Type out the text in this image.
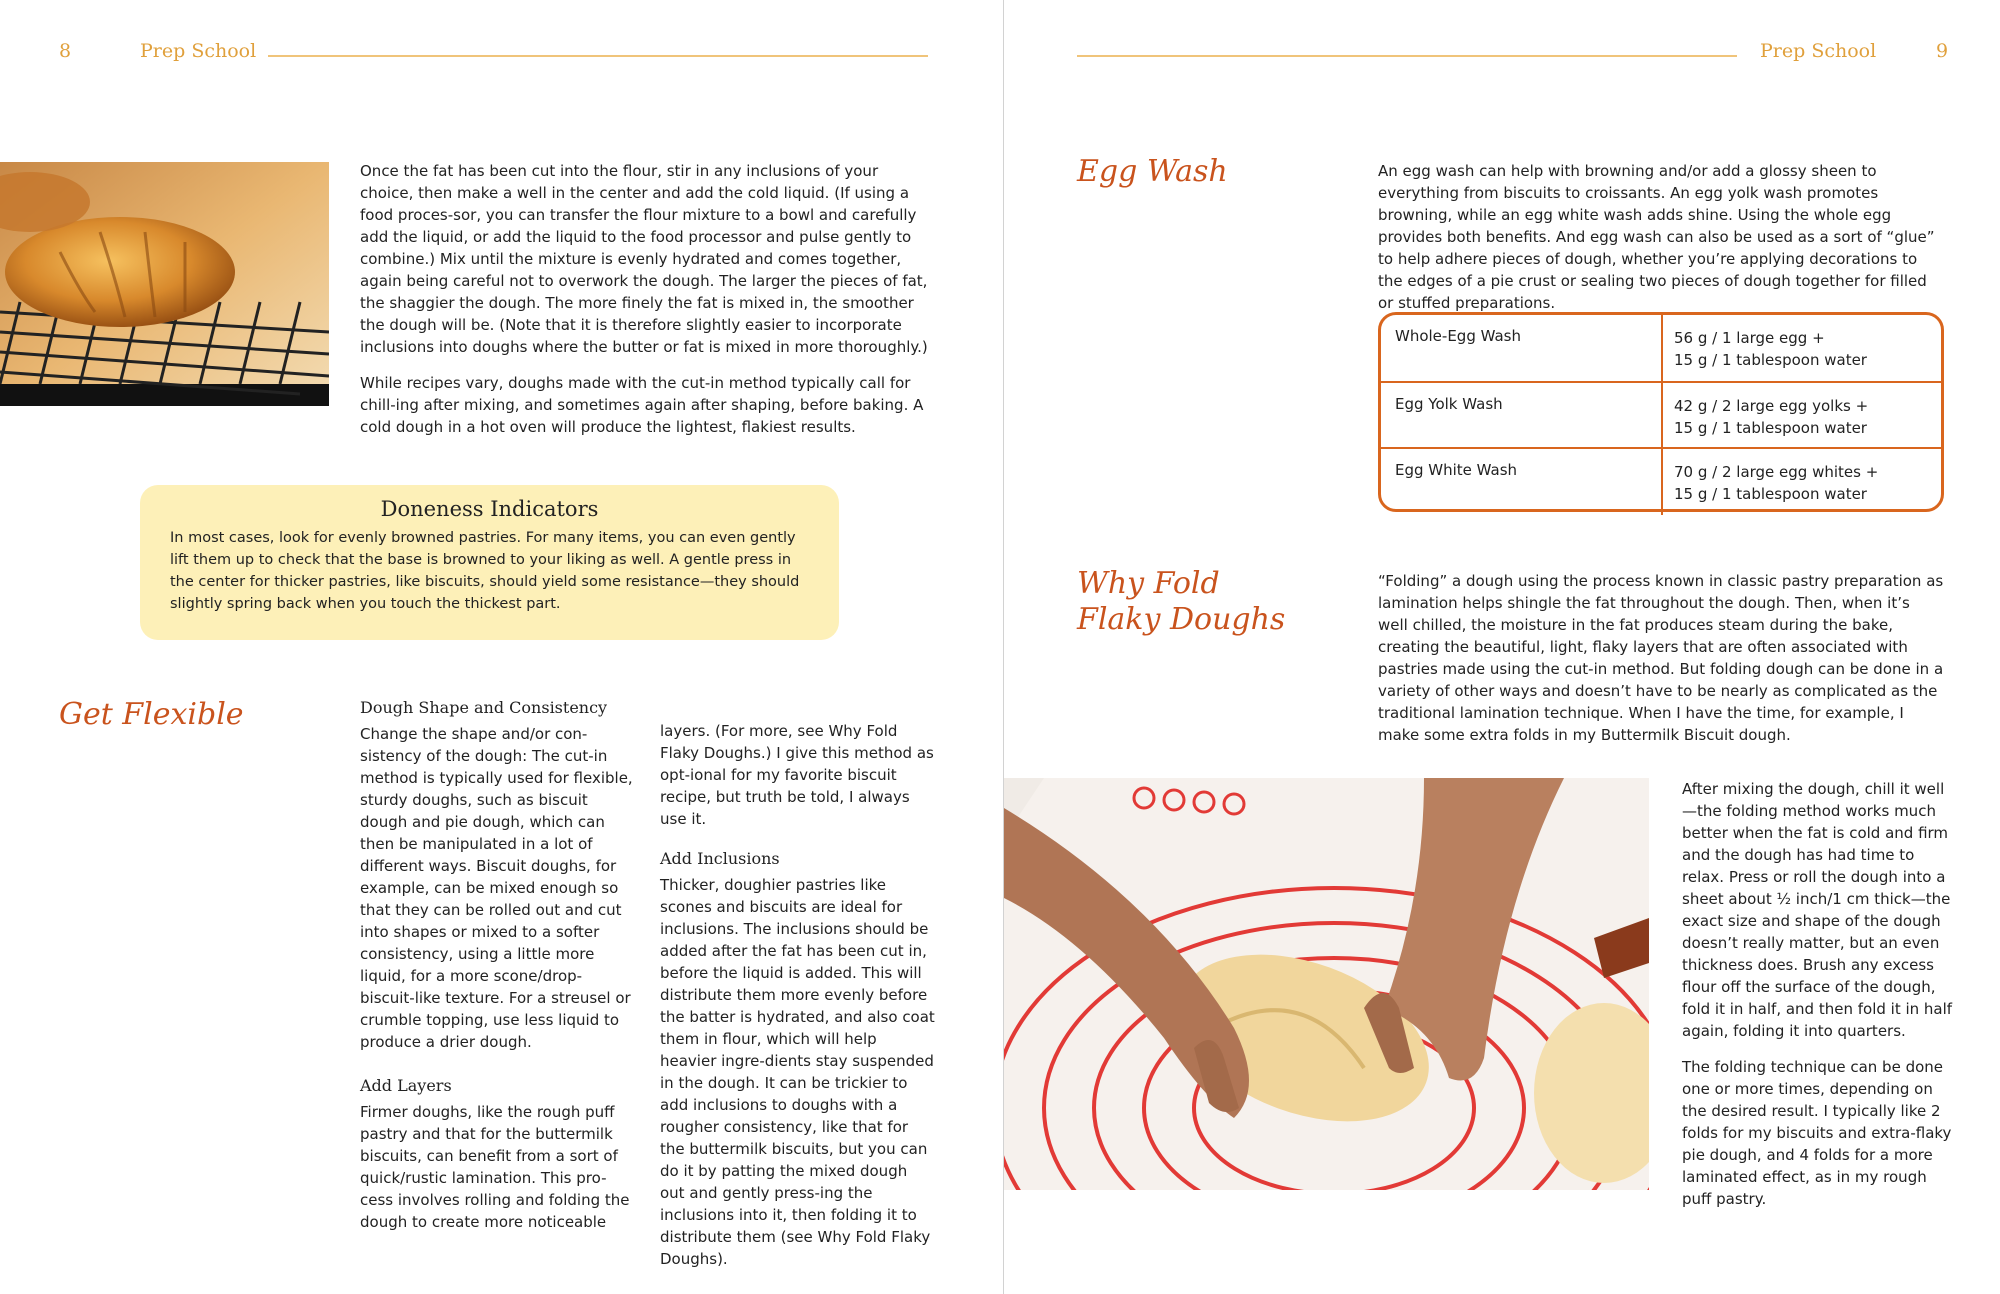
8	Prep School

Once the fat has been cut into the flour, stir in any inclusions of your choice, then make a well in the center and add the cold liquid. (If using a food proces-sor, you can transfer the flour mixture to a bowl and carefully add the liquid, or add the liquid to the food processor and pulse gently to combine.) Mix until the mixture is evenly hydrated and comes together, again being careful not to overwork the dough. The larger the pieces of fat, the shaggier the dough. The more finely the fat is mixed in, the smoother the dough will be. (Note that it is therefore slightly easier to incorporate inclusions into doughs where the butter or fat is mixed in more thoroughly.)

While recipes vary, doughs made with the cut-in method typically call for chill-ing after mixing, and sometimes again after shaping, before baking. A cold dough in a hot oven will produce the lightest, flakiest results.

Doneness Indicators
In most cases, look for evenly browned pastries. For many items, you can even gently lift them up to check that the base is browned to your liking as well. A gentle press in the center for thicker pastries, like biscuits, should yield some resistance—they should slightly spring back when you touch the thickest part.
Get Flexible	Dough Shape and Consistency

Change the shape and/or con-sistency of the dough: The cut-in method is typically used for flexible, sturdy doughs, such as biscuit dough and pie dough, which can then be manipulated in a lot of different ways. Biscuit doughs, for example, can be mixed enough so that they can be rolled out and cut into shapes or mixed to a softer consistency, using a little more liquid, for a more scone/drop-biscuit-like texture. For a streusel or crumble topping, use less liquid to produce a drier dough.

Add Layers

Firmer doughs, like the rough puff pastry and that for the buttermilk biscuits, can benefit from a sort of quick/rustic lamination. This pro-cess involves rolling and folding the dough to create more noticeable

layers. (For more, see Why Fold Flaky Doughs.) I give this method as opt-ional for my favorite biscuit recipe, but truth be told, I always use it.

Add Inclusions

Thicker, doughier pastries like scones and biscuits are ideal for inclusions. The inclusions should be added after the fat has been cut in, before the liquid is added. This will distribute them more evenly before the batter is hydrated, and also coat them in flour, which will help heavier ingre-dients stay suspended in the dough. It can be trickier to add inclusions to doughs with a rougher consistency, like that for the buttermilk biscuits, but you can do it by patting the mixed dough out and gently press-ing the inclusions into it, then folding it to distribute them (see Why Fold Flaky Doughs).

Prep School	9
Egg Wash	An egg wash can help with browning and/or add a glossy sheen to everything from biscuits to croissants. An egg yolk wash promotes browning, while an egg white wash adds shine. Using the whole egg provides both benefits. And egg wash can also be used as a sort of “glue” to help adhere pieces of dough, whether you’re applying decorations to the edges of a pie crust or sealing two pieces of dough together for filled or stuffed preparations.

Whole-Egg Wash	56 g / 1 large egg +
15 g / 1 tablespoon water
Egg Yolk Wash	42 g / 2 large egg yolks +
15 g / 1 tablespoon water
Egg White Wash	70 g / 2 large egg whites +
15 g / 1 tablespoon water
Why Fold
Flaky Doughs

“Folding” a dough using the process known in classic pastry preparation as lamination helps shingle the fat throughout the dough. Then, when it’s well chilled, the moisture in the fat produces steam during the bake, creating the beautiful, light, flaky layers that are often associated with pastries made using the cut-in method. But folding dough can be done in a variety of other ways and doesn’t have to be nearly as complicated as the traditional lamination technique. When I have the time, for example, I make some extra folds in my Buttermilk Biscuit dough.

After mixing the dough, chill it well—the folding method works much better when the fat is cold and firm and the dough has had time to relax. Press or roll the dough into a sheet about ½ inch/1 cm thick—the exact size and shape of the dough doesn’t really matter, but an even thickness does. Brush any excess flour off the surface of the dough, fold it in half, and then fold it in half again, folding it into quarters.

The folding technique can be done one or more times, depending on the desired result. I typically like 2 folds for my biscuits and extra-flaky pie dough, and 4 folds for a more laminated effect, as in my rough puff pastry.
